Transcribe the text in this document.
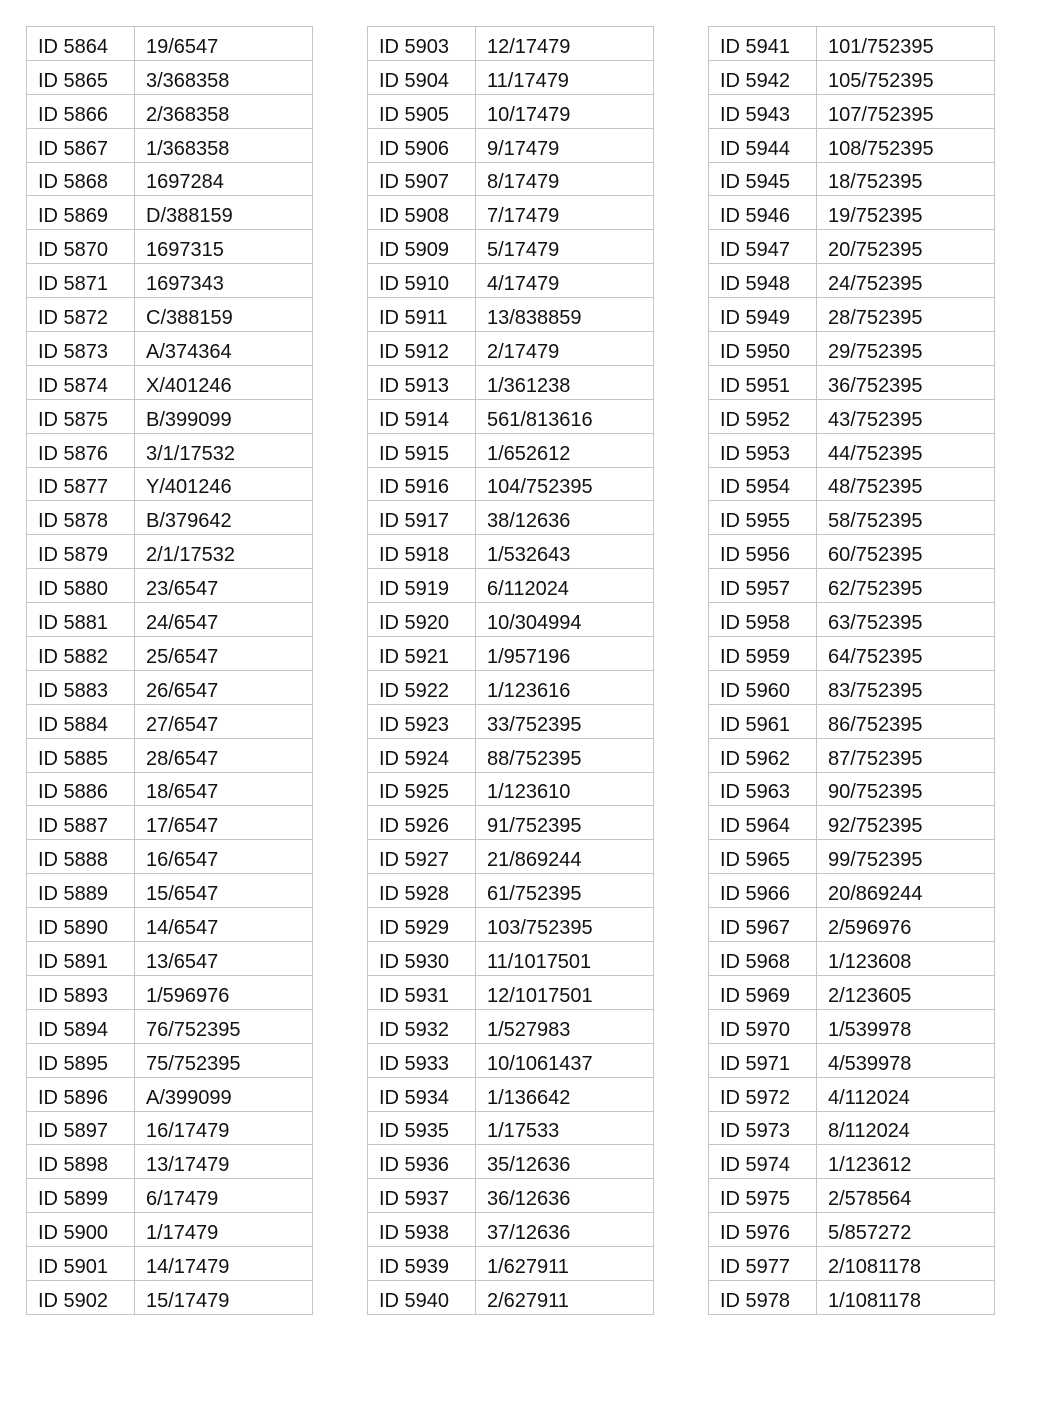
ID 5864	19/6547
ID 5865	3/368358
ID 5866	2/368358
ID 5867	1/368358
ID 5868	1697284
ID 5869	D/388159
ID 5870	1697315
ID 5871	1697343
ID 5872	C/388159
ID 5873	A/374364
ID 5874	X/401246
ID 5875	B/399099
ID 5876	3/1/17532
ID 5877	Y/401246
ID 5878	B/379642
ID 5879	2/1/17532
ID 5880	23/6547
ID 5881	24/6547
ID 5882	25/6547
ID 5883	26/6547
ID 5884	27/6547
ID 5885	28/6547
ID 5886	18/6547
ID 5887	17/6547
ID 5888	16/6547
ID 5889	15/6547
ID 5890	14/6547
ID 5891	13/6547
ID 5893	1/596976
ID 5894	76/752395
ID 5895	75/752395
ID 5896	A/399099
ID 5897	16/17479
ID 5898	13/17479
ID 5899	6/17479
ID 5900	1/17479
ID 5901	14/17479
ID 5902	15/17479
ID 5903	12/17479
ID 5904	11/17479
ID 5905	10/17479
ID 5906	9/17479
ID 5907	8/17479
ID 5908	7/17479
ID 5909	5/17479
ID 5910	4/17479
ID 5911	13/838859
ID 5912	2/17479
ID 5913	1/361238
ID 5914	561/813616
ID 5915	1/652612
ID 5916	104/752395
ID 5917	38/12636
ID 5918	1/532643
ID 5919	6/112024
ID 5920	10/304994
ID 5921	1/957196
ID 5922	1/123616
ID 5923	33/752395
ID 5924	88/752395
ID 5925	1/123610
ID 5926	91/752395
ID 5927	21/869244
ID 5928	61/752395
ID 5929	103/752395
ID 5930	11/1017501
ID 5931	12/1017501
ID 5932	1/527983
ID 5933	10/1061437
ID 5934	1/136642
ID 5935	1/17533
ID 5936	35/12636
ID 5937	36/12636
ID 5938	37/12636
ID 5939	1/627911
ID 5940	2/627911
ID 5941	101/752395
ID 5942	105/752395
ID 5943	107/752395
ID 5944	108/752395
ID 5945	18/752395
ID 5946	19/752395
ID 5947	20/752395
ID 5948	24/752395
ID 5949	28/752395
ID 5950	29/752395
ID 5951	36/752395
ID 5952	43/752395
ID 5953	44/752395
ID 5954	48/752395
ID 5955	58/752395
ID 5956	60/752395
ID 5957	62/752395
ID 5958	63/752395
ID 5959	64/752395
ID 5960	83/752395
ID 5961	86/752395
ID 5962	87/752395
ID 5963	90/752395
ID 5964	92/752395
ID 5965	99/752395
ID 5966	20/869244
ID 5967	2/596976
ID 5968	1/123608
ID 5969	2/123605
ID 5970	1/539978
ID 5971	4/539978
ID 5972	4/112024
ID 5973	8/112024
ID 5974	1/123612
ID 5975	2/578564
ID 5976	5/857272
ID 5977	2/1081178
ID 5978	1/1081178
